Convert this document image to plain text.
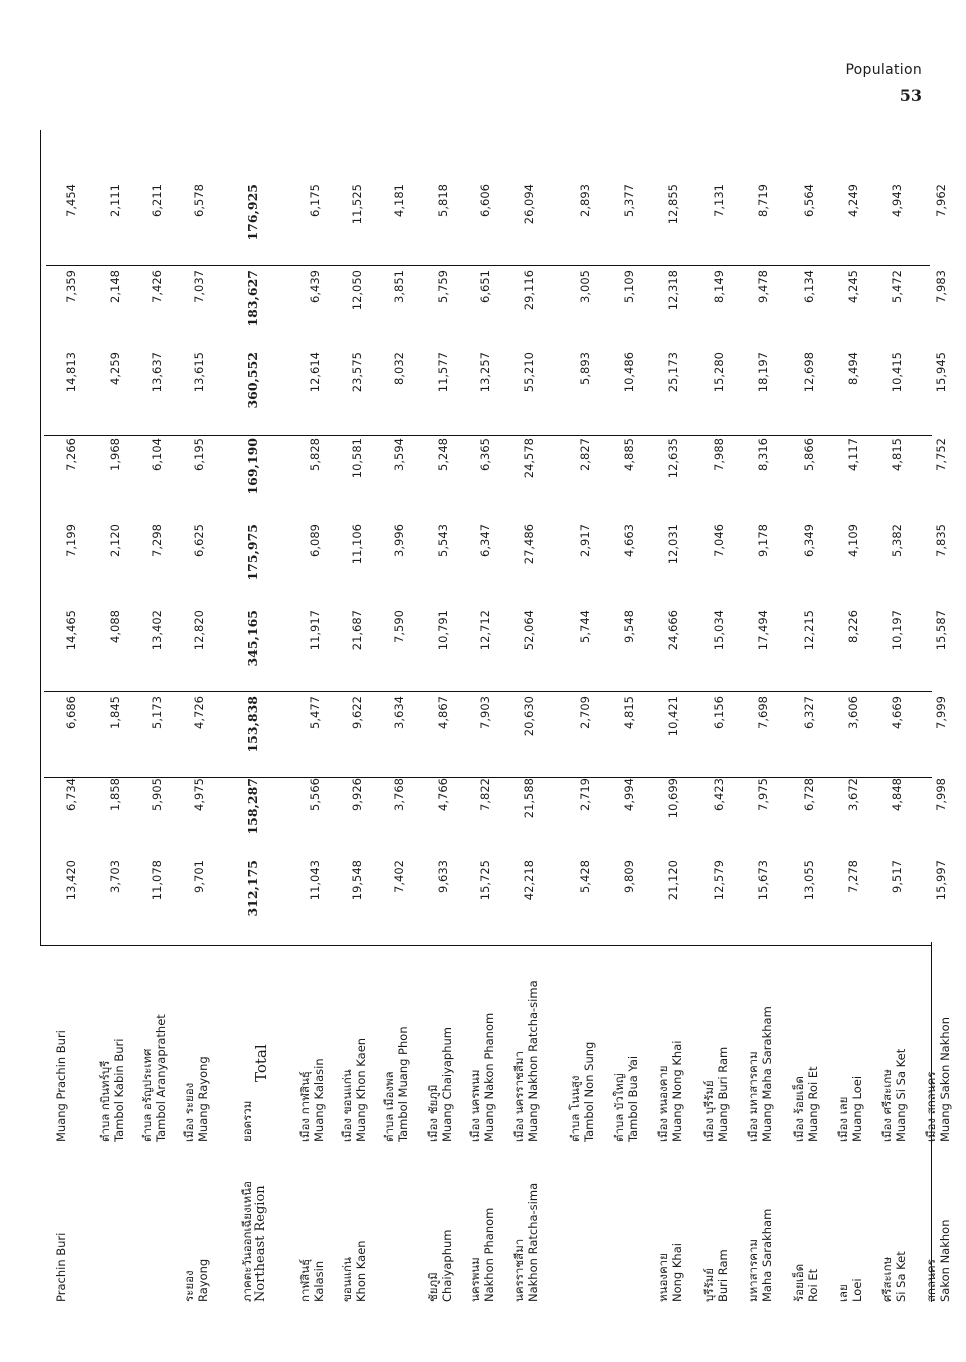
Population
53
Prachin Buri
Muang Prachin Buri
13,420
6,734
6,686
14,465
7,199
7,266
14,813
7,359
7,454
ตำบล กบินทร์บุรี Tambol Kabin Buri
3,703
1,858
1,845
4,088
2,120
1,968
4,259
2,148
2,111
ตำบล อรัญประเทศ Tambol Aranyaprathet
11,078
5,905
5,173
13,402
7,298
6,104
13,637
7,426
6,211
ระยอง Rayong
เมือง ระยอง Muang Rayong
9,701
4,975
4,726
12,820
6,625
6,195
13,615
7,037
6,578
ภาคตะวันออกเฉียงเหนือ Northeast Region
ยอดรวม
Total
312,175
158,287
153,838
345,165
175,975
169,190
360,552
183,627
176,925
กาฬสินธุ์ Kalasin
เมือง กาฬสินธุ์ Muang Kalasin
11,043
5,566
5,477
11,917
6,089
5,828
12,614
6,439
6,175
ขอนแก่น Khon Kaen
เมือง ขอนแก่น Muang Khon Kaen
19,548
9,926
9,622
21,687
11,106
10,581
23,575
12,050
11,525
ตำบล เมืองพล Tambol Muang Phon
7,402
3,768
3,634
7,590
3,996
3,594
8,032
3,851
4,181
ชัยภูมิ Chaiyaphum
เมือง ชัยภูมิ Muang Chaiyaphum
9,633
4,766
4,867
10,791
5,543
5,248
11,577
5,759
5,818
นครพนม Nakhon Phanom
เมือง นครพนม Muang Nakon Phanom
15,725
7,822
7,903
12,712
6,347
6,365
13,257
6,651
6,606
นครราชสีมา Nakhon Ratcha-sima
เมือง นครราชสีมา Muang Nakhon Ratcha-sima
42,218
21,588
20,630
52,064
27,486
24,578
55,210
29,116
26,094
ตำบล โนนสูง Tambol Non Sung
5,428
2,719
2,709
5,744
2,917
2,827
5,893
3,005
2,893
ตำบล บัวใหญ่ Tambol Bua Yai
9,809
4,994
4,815
9,548
4,663
4,885
10,486
5,109
5,377
หนองคาย Nong Khai
เมือง หนองคาย Muang Nong Khai
21,120
10,699
10,421
24,666
12,031
12,635
25,173
12,318
12,855
บุรีรัมย์ Buri Ram
เมือง บุรีรัมย์ Muang Buri Ram
12,579
6,423
6,156
15,034
7,046
7,988
15,280
8,149
7,131
มหาสารคาม Maha Sarakham
เมือง มหาสารคาม Muang Maha Sarakham
15,673
7,975
7,698
17,494
9,178
8,316
18,197
9,478
8,719
ร้อยเอ็ด Roi Et
เมือง ร้อยเอ็ด Muang Roi Et
13,055
6,728
6,327
12,215
6,349
5,866
12,698
6,134
6,564
เลย Loei
เมือง เลย Muang Loei
7,278
3,672
3,606
8,226
4,109
4,117
8,494
4,245
4,249
ศรีสะเกษ Si Sa Ket
เมือง ศรีสะเกษ Muang Si Sa Ket
9,517
4,848
4,669
10,197
5,382
4,815
10,415
5,472
4,943
สกลนคร Sakon Nakhon
เมือง สกลนคร Muang Sakon Nakhon
15,997
7,998
7,999
15,587
7,835
7,752
15,945
7,983
7,962
